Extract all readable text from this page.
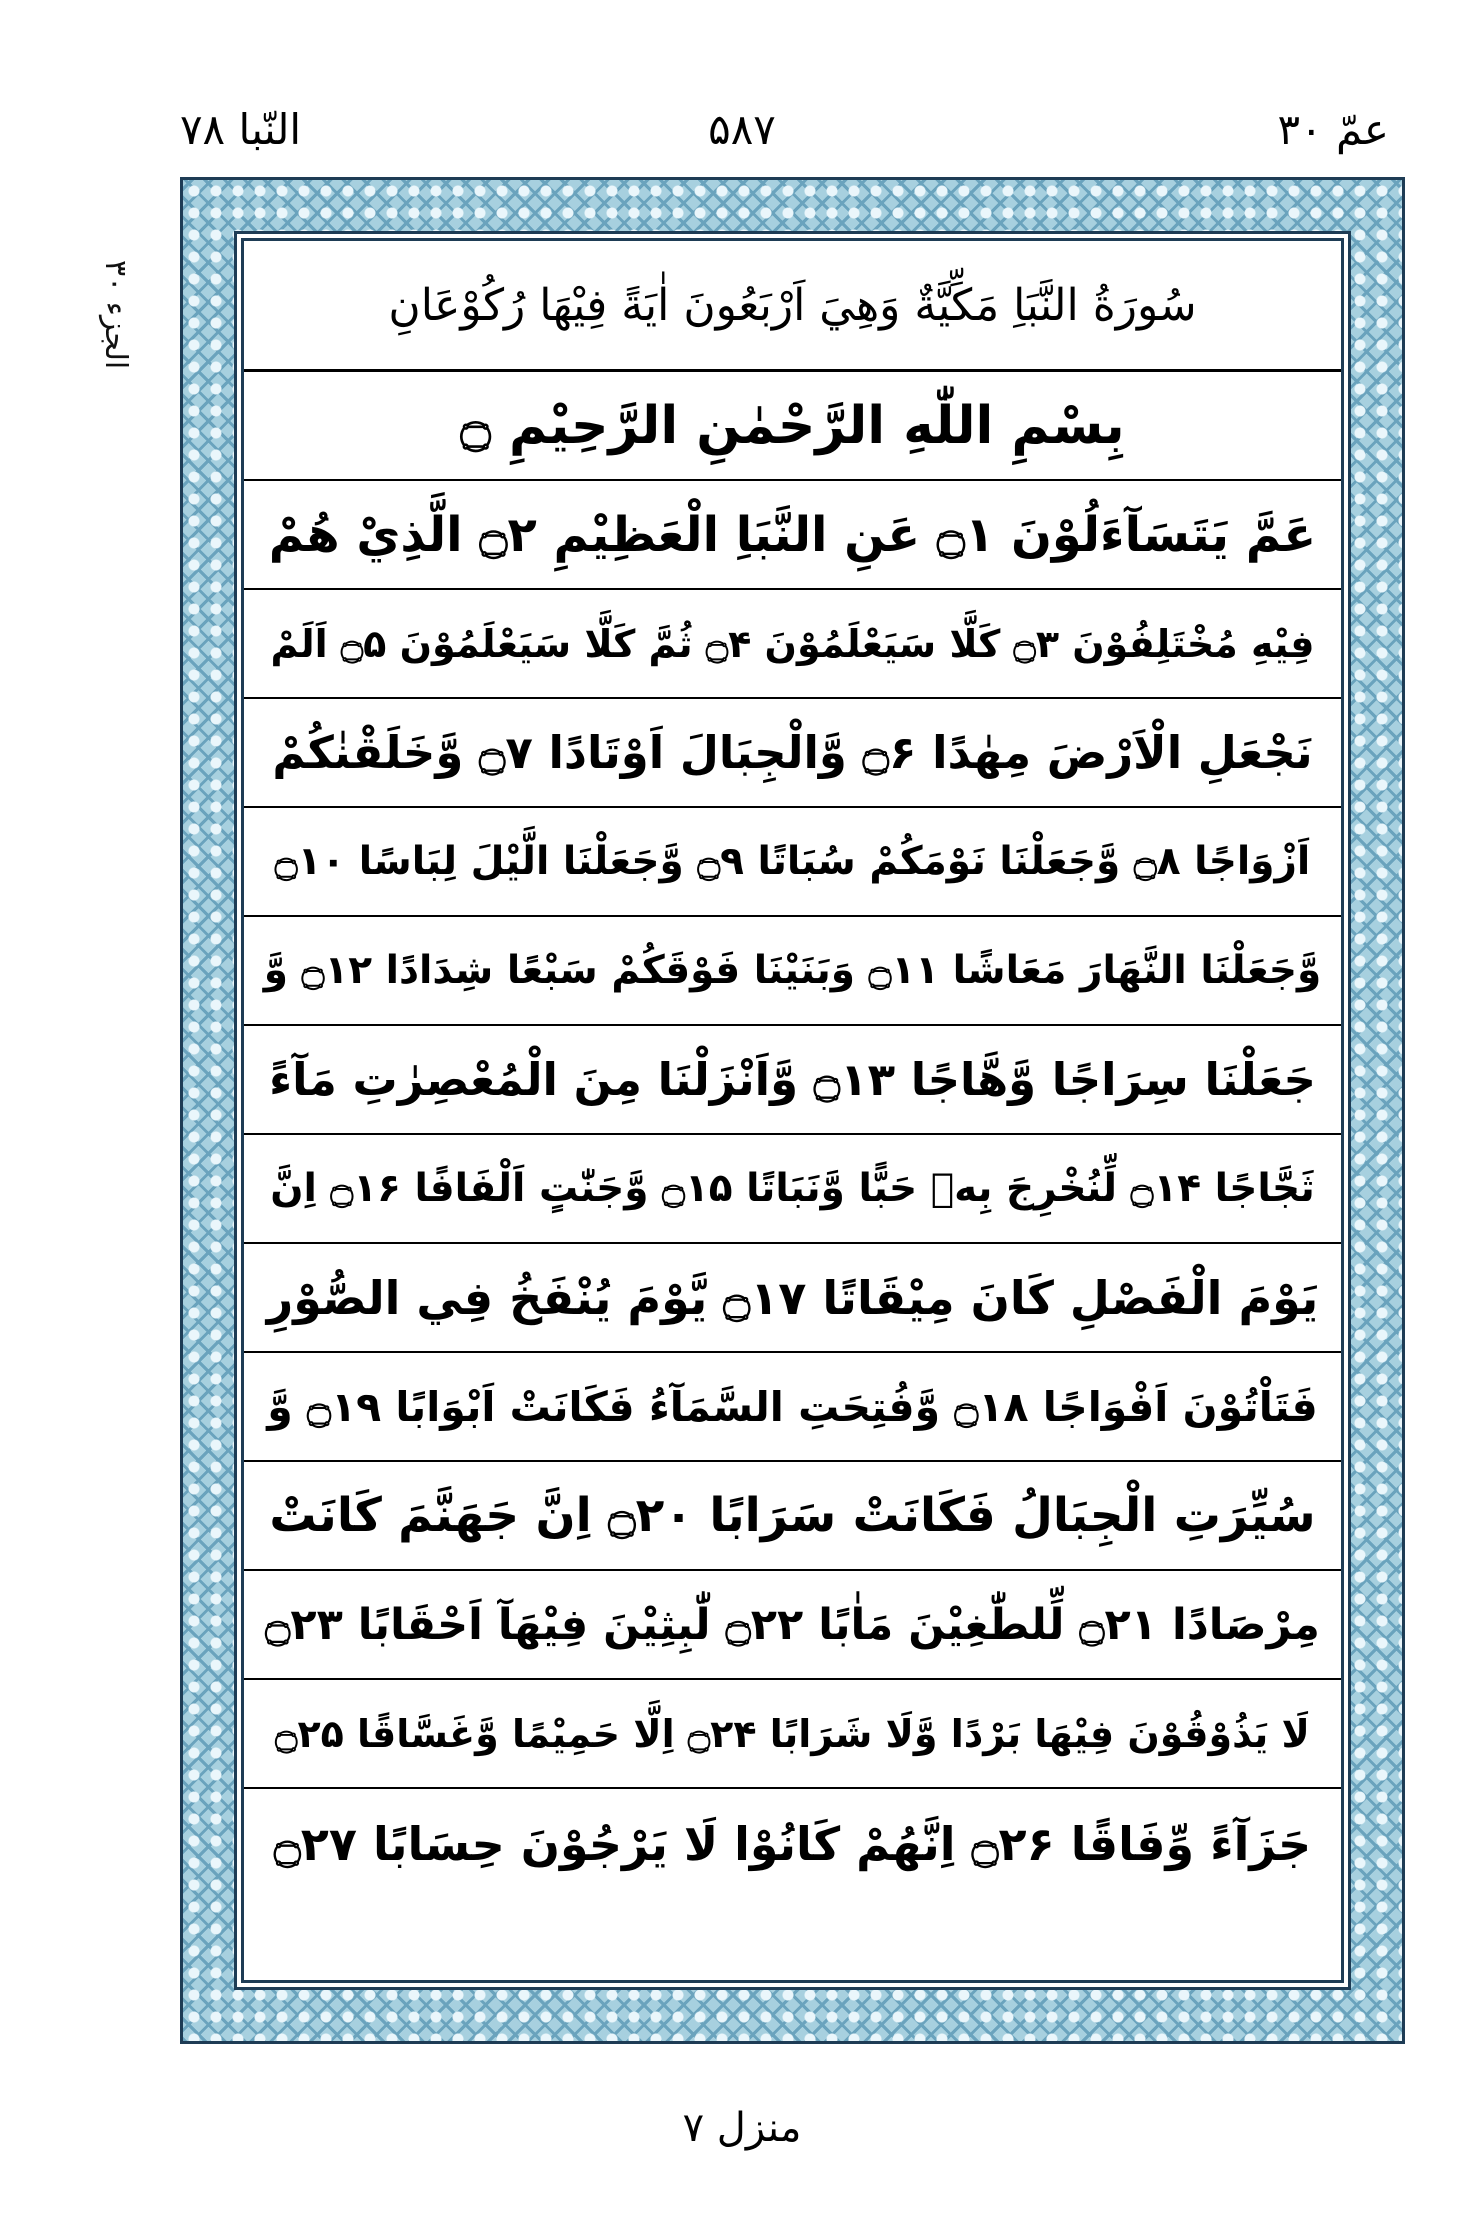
النّبا ۷۸	۵۸۷	عمّ ۳۰
الجزء ۳۰	سُورَةُ النَّبَاِ مَكِّيَّةٌ وَهِيَ اَرْبَعُونَ اٰيَةً فِيْهَا رُكُوْعَانِ
بِسْمِ اللّٰهِ الرَّحْمٰنِ الرَّحِيْمِ ۝
عَمَّ يَتَسَآءَلُوْنَ ۝۱ عَنِ النَّبَاِ الْعَظِيْمِ ۝۲ الَّذِيْ هُمْ
فِيْهِ مُخْتَلِفُوْنَ ۝۳ كَلَّا سَيَعْلَمُوْنَ ۝۴ ثُمَّ كَلَّا سَيَعْلَمُوْنَ ۝۵ اَلَمْ
نَجْعَلِ الْاَرْضَ مِهٰدًا ۝۶ وَّالْجِبَالَ اَوْتَادًا ۝۷ وَّخَلَقْنٰكُمْ
اَزْوَاجًا ۝۸ وَّجَعَلْنَا نَوْمَكُمْ سُبَاتًا ۝۹ وَّجَعَلْنَا الَّيْلَ لِبَاسًا ۝۱۰
وَّجَعَلْنَا النَّهَارَ مَعَاشًا ۝۱۱ وَبَنَيْنَا فَوْقَكُمْ سَبْعًا شِدَادًا ۝۱۲ وَّ
جَعَلْنَا سِرَاجًا وَّهَّاجًا ۝۱۳ وَّاَنْزَلْنَا مِنَ الْمُعْصِرٰتِ مَآءً
ثَجَّاجًا ۝۱۴ لِّنُخْرِجَ بِهٖ حَبًّا وَّنَبَاتًا ۝۱۵ وَّجَنّٰتٍ اَلْفَافًا ۝۱۶ اِنَّ
يَوْمَ الْفَصْلِ كَانَ مِيْقَاتًا ۝۱۷ يَّوْمَ يُنْفَخُ فِي الصُّوْرِ
فَتَاْتُوْنَ اَفْوَاجًا ۝۱۸ وَّفُتِحَتِ السَّمَآءُ فَكَانَتْ اَبْوَابًا ۝۱۹ وَّ
سُيِّرَتِ الْجِبَالُ فَكَانَتْ سَرَابًا ۝۲۰ اِنَّ جَهَنَّمَ كَانَتْ
مِرْصَادًا ۝۲۱ لِّلطّٰغِيْنَ مَاٰبًا ۝۲۲ لّٰبِثِيْنَ فِيْهَآ اَحْقَابًا ۝۲۳
لَا يَذُوْقُوْنَ فِيْهَا بَرْدًا وَّلَا شَرَابًا ۝۲۴ اِلَّا حَمِيْمًا وَّغَسَّاقًا ۝۲۵
جَزَآءً وِّفَاقًا ۝۲۶ اِنَّهُمْ كَانُوْا لَا يَرْجُوْنَ حِسَابًا ۝۲۷
منزل ۷
